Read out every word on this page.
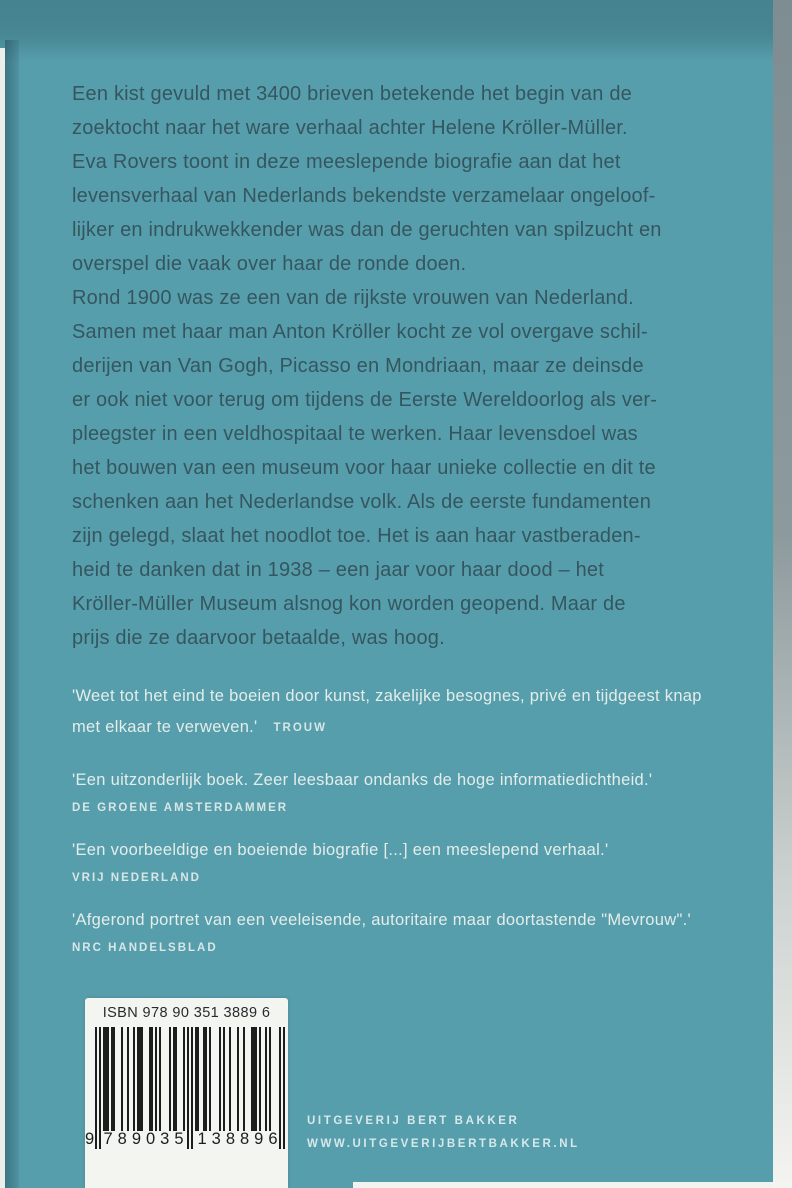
Een kist gevuld met 3400 brieven betekende het begin van de
zoektocht naar het ware verhaal achter Helene Kröller-Müller.
Eva Rovers toont in deze meeslepende biografie aan dat het
levensverhaal van Nederlands bekendste verzamelaar ongeloof-
lijker en indrukwekkender was dan de geruchten van spilzucht en
overspel die vaak over haar de ronde doen.
Rond 1900 was ze een van de rijkste vrouwen van Nederland.
Samen met haar man Anton Kröller kocht ze vol overgave schil-
derijen van Van Gogh, Picasso en Mondriaan, maar ze deinsde
er ook niet voor terug om tijdens de Eerste Wereldoorlog als ver-
pleegster in een veldhospitaal te werken. Haar levensdoel was
het bouwen van een museum voor haar unieke collectie en dit te
schenken aan het Nederlandse volk. Als de eerste fundamenten
zijn gelegd, slaat het noodlot toe. Het is aan haar vastberaden-
heid te danken dat in 1938 – een jaar voor haar dood – het
Kröller-Müller Museum alsnog kon worden geopend. Maar de
prijs die ze daarvoor betaalde, was hoog.
'Weet tot het eind te boeien door kunst, zakelijke besognes, privé en tijdgeest knap
met elkaar te verweven.' TROUW
'Een uitzonderlijk boek. Zeer leesbaar ondanks de hoge informatiedichtheid.'
DE GROENE AMSTERDAMMER
'Een voorbeeldige en boeiende biografie [...] een meeslepend verhaal.'
VRIJ NEDERLAND
'Afgerond portret van een veeleisende, autoritaire maar doortastende "Mevrouw".'
NRC HANDELSBLAD
ISBN 978 90 351 3889 6
9 789035 138896
UITGEVERIJ BERT BAKKER
WWW.UITGEVERIJBERTBAKKER.NL
